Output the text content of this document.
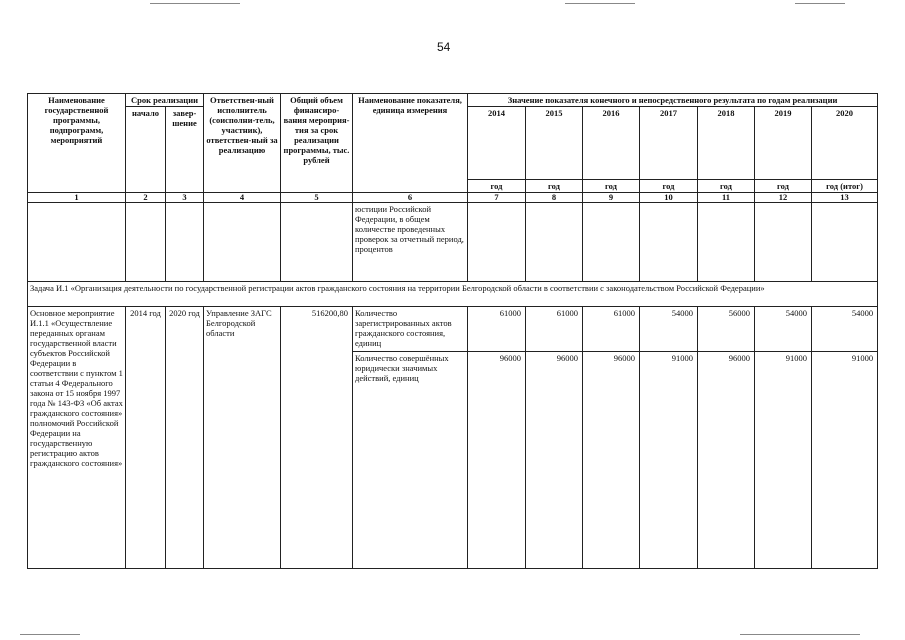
54
Наименование государственной программы, подпрограмм, мероприятий	Срок реализации		Ответствен-ный исполнитель (соисполни-тель, участник), ответствен-ный за реализацию	Общий объем финансиро-вания мероприя-тия за срок реализации программы, тыс. рублей	Наименование показателя, единица измерения	Значение показателя конечного и непосредственного результата по годам реализации						
	начало	завер-шение				2014	2015	2016	2017	2018	2019	2020
						год	год	год	год	год	год	год (итог)
1	2	3	4	5	6	7	8	9	10	11	12	13
					юстиции Российской Федерации, в общем количестве проведенных проверок за отчетный период, процентов							
Задача И.1 «Организация деятельности по государственной регистрации актов гражданского состояния на территории Белгородской области в соответствии с законодательством Российской Федерации»												
Основное мероприятие И.1.1 «Осуществление переданных органам государственной власти субъектов Российской Федерации в соответствии с пунктом 1 статьи 4 Федерального закона от 15 ноября 1997 года № 143-ФЗ «Об актах гражданского состояния» полномочий Российской Федерации на государственную регистрацию актов гражданского состояния»	2014 год	2020 год	Управление ЗАГС Белгородской области	516200,80	Количество зарегистрированных актов гражданского состояния, единиц	61000	61000	61000	54000	56000	54000	54000
					Количество совершённых юридически значимых действий, единиц	96000	96000	96000	91000	96000	91000	91000
